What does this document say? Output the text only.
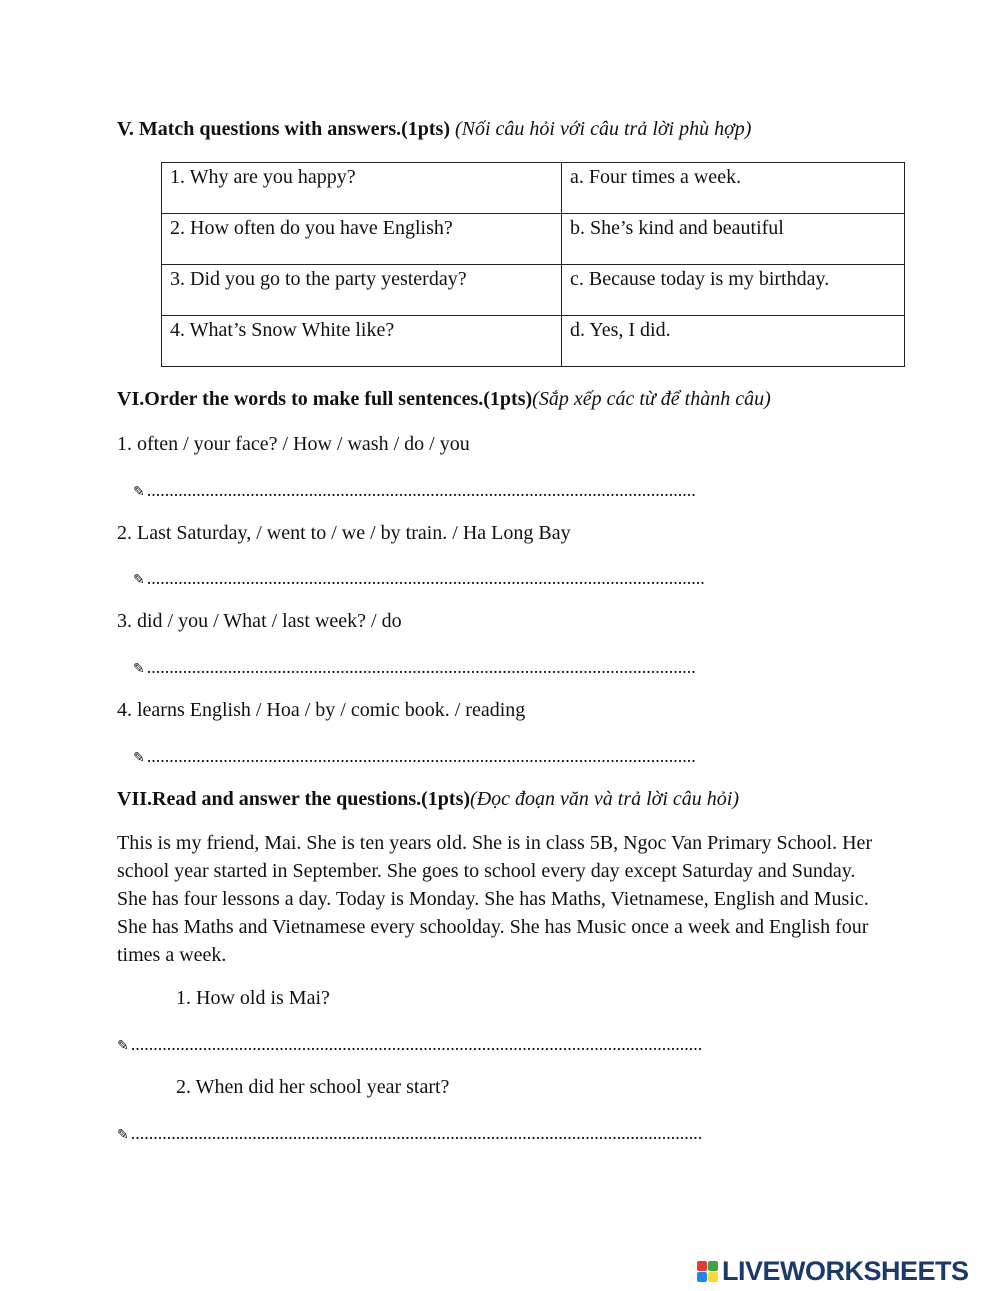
V. Match questions with answers.(1pts) (Nối câu hỏi với câu trả lời phù hợp)
1. Why are you happy?	a. Four times a week.
2. How often do you have English?	b. She’s kind and beautiful
3. Did you go to the party yesterday?	c. Because today is my birthday.
4. What’s Snow White like?	d. Yes, I did.
VI.Order the words to make full sentences.(1pts)(Sắp xếp các từ để thành câu)
1. often / your face? / How / wash / do / you
✎ ..........................................................................................................................
2. Last Saturday, / went to / we / by train. / Ha Long Bay
✎ ............................................................................................................................
3. did / you / What / last week? / do
✎ ..........................................................................................................................
4. learns English / Hoa / by / comic book. / reading
✎ ..........................................................................................................................
VII.Read and answer the questions.(1pts)(Đọc đoạn văn và trả lời câu hỏi)
This is my friend, Mai. She is ten years old. She is in class 5B, Ngoc Van Primary School. Her school year started in September. She goes to school every day except Saturday and Sunday. She has four lessons a day. Today is Monday. She has Maths, Vietnamese, English and Music. She has Maths and Vietnamese every schoolday. She has Music once a week and English four times a week.
1. How old is Mai?
✎ ...............................................................................................................................
2. When did her school year start?
✎ ...............................................................................................................................
LIVEWORKSHEETS
